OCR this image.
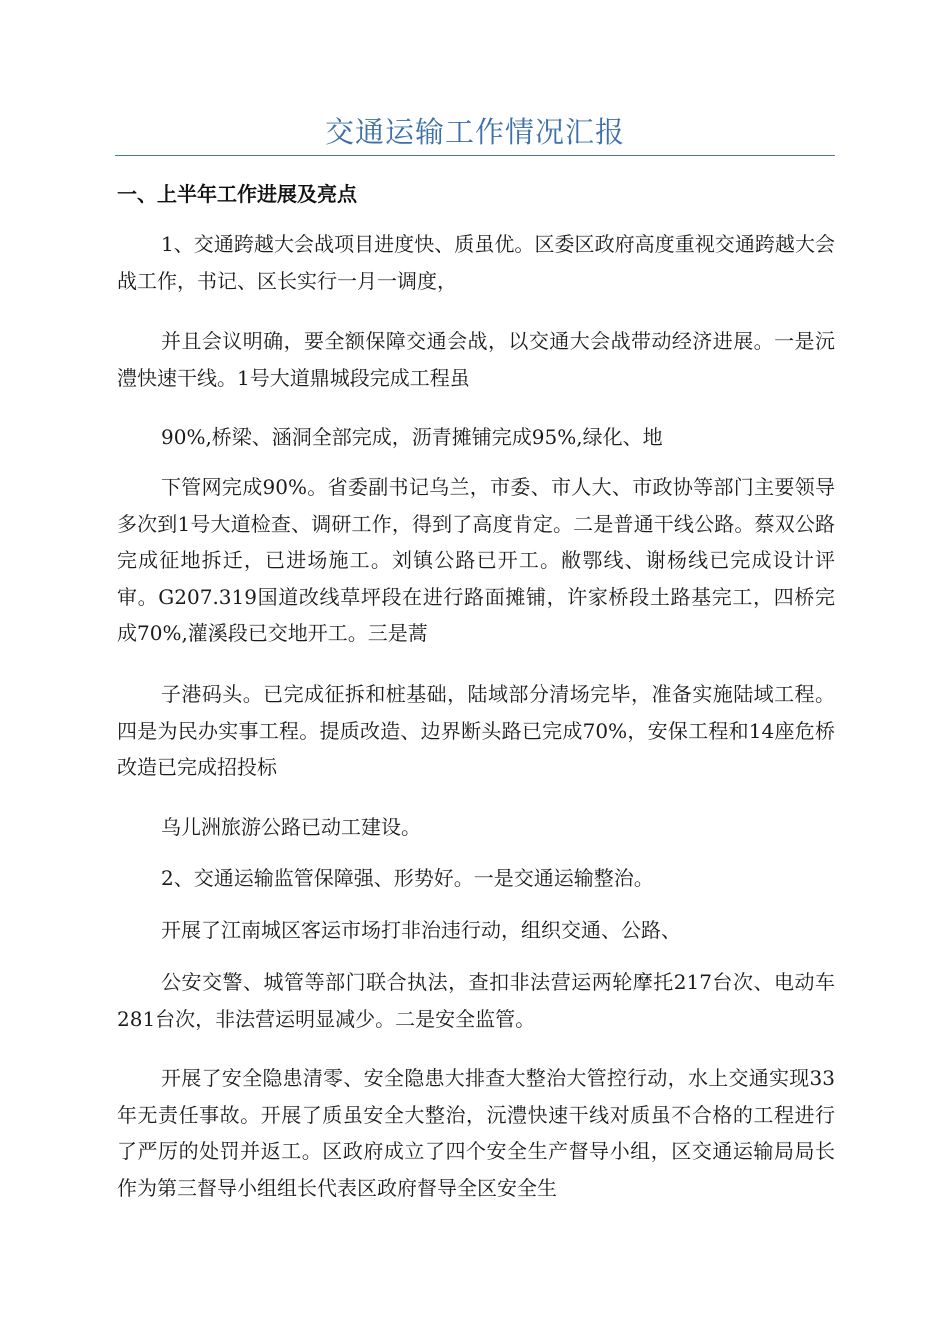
交通运输工作情况汇报
一、上半年工作进展及亮点

1、交通跨越大会战项目进度快、质虽优。区委区政府高度重视交通跨越大会战工作，书记、区长实行一月一调度，

并且会议明确，要全额保障交通会战，以交通大会战带动经济进展。一是沅澧快速干线。1号大道鼎城段完成工程虽

90%,桥梁、涵洞全部完成，沥青摊铺完成95%,绿化、地

下管网完成90%。省委副书记乌兰，市委、市人大、市政协等部门主要领导多次到1号大道检查、调研工作，得到了高度肯定。二是普通干线公路。蔡双公路完成征地拆迁，已进场施工。刘镇公路已开工。敝鄂线、谢杨线已完成设计评审。G207.319国道改线草坪段在进行路面摊铺，许家桥段土路基完工，四桥完成70%,灌溪段已交地开工。三是蒿

子港码头。已完成征拆和桩基础，陆域部分清场完毕，准备实施陆域工程。四是为民办实事工程。提质改造、边界断头路已完成70%，安保工程和14座危桥改造已完成招投标

乌儿洲旅游公路已动工建设。

2、交通运输监管保障强、形势好。一是交通运输整治。

开展了江南城区客运市场打非治违行动，组织交通、公路、

公安交警、城管等部门联合执法，查扣非法营运两轮摩托217台次、电动车281台次，非法营运明显减少。二是安全监管。

开展了安全隐患清零、安全隐患大排查大整治大管控行动，水上交通实现33年无责任事故。开展了质虽安全大整治，沅澧快速干线对质虽不合格的工程进行了严厉的处罚并返工。区政府成立了四个安全生产督导小组，区交通运输局局长作为第三督导小组组长代表区政府督导全区安全生
